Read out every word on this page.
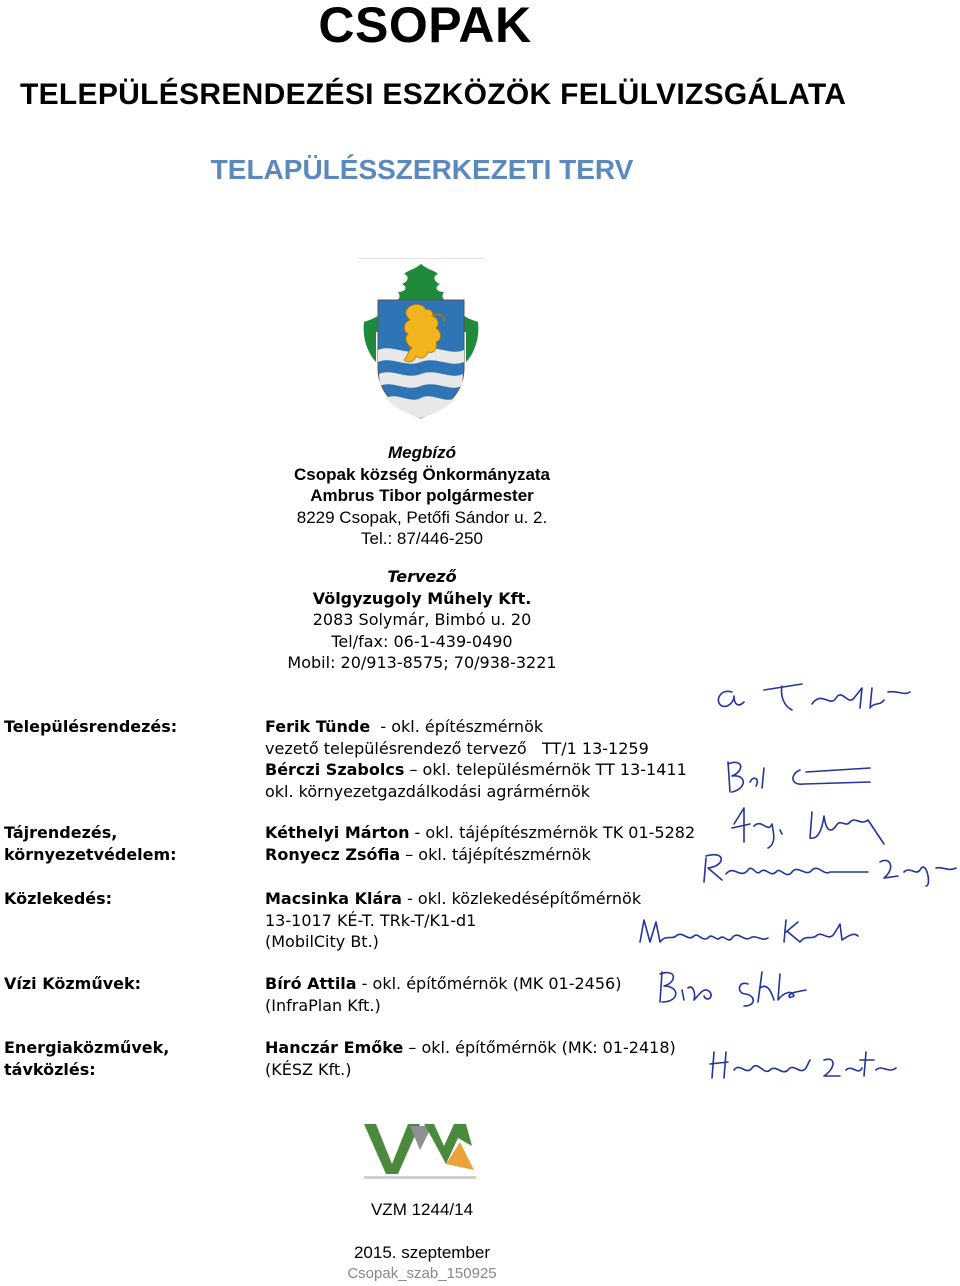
CSOPAK
TELEPÜLÉSRENDEZÉSI ESZKÖZÖK FELÜLVIZSGÁLATA
TELAPÜLÉSSZERKEZETI TERV
Megbízó
Csopak község Önkormányzata
Ambrus Tibor polgármester
8229 Csopak, Petőfi Sándor u. 2.
Tel.: 87/446-250
Tervező
Völgyzugoly Műhely Kft.
2083 Solymár, Bimbó u. 20
Tel/fax: 06-1-439-0490
Mobil: 20/913-8575; 70/938-3221
Településrendezés:
Tájrendezés,
környezetvédelem:
Közlekedés:
Vízi Közművek:
Energiaközművek,
távközlés:
Ferik Tünde  - okl. építészmérnök
vezető településrendező tervező   TT/1 13-1259
Bérczi Szabolcs – okl. településmérnök TT 13-1411
okl. környezetgazdálkodási agrármérnök
Kéthelyi Márton - okl. tájépítészmérnök TK 01-5282
Ronyecz Zsófia – okl. tájépítészmérnök
Macsinka Klára - okl. közlekedésépítőmérnök
13-1017 KÉ-T. TRk-T/K1-d1
(MobilCity Bt.)
Bíró Attila - okl. építőmérnök (MK 01-2456)
(InfraPlan Kft.)
Hanczár Emőke – okl. építőmérnök (MK: 01-2418)
(KÉSZ Kft.)
VZM 1244/14
2015. szeptember
Csopak_szab_150925
